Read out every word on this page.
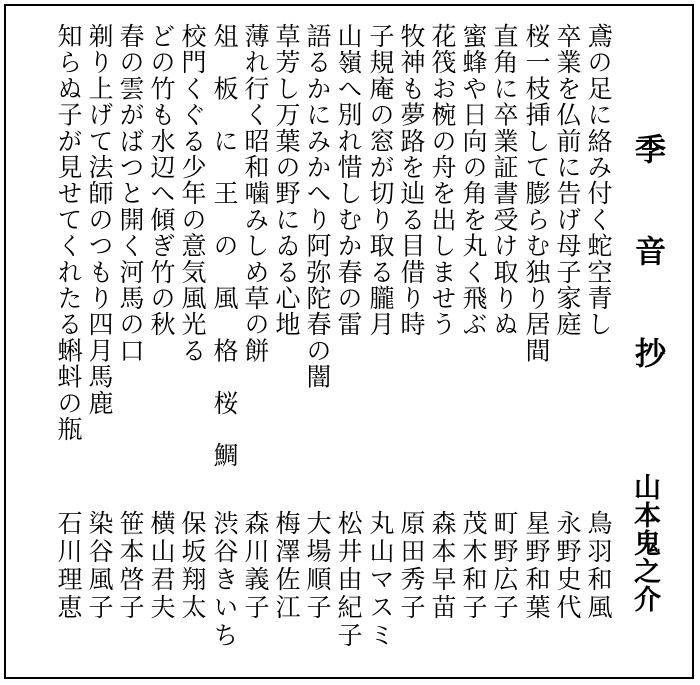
季　音　抄
山本鬼之介
鳶の足に絡み付く蛇空青し
鳥羽和風
卒業を仏前に告げ母子家庭
永野史代
桜一枝挿して膨らむ独り居間
星野和葉
直角に卒業証書受け取りぬ
町野広子
蜜蜂や日向の角を丸く飛ぶ
茂木和子
花筏お椀の舟を出しませう
森本早苗
牧神も夢路を辿る目借り時
原田秀子
子規庵の窓が切り取る朧月
丸山マスミ
山嶺へ別れ惜しむか春の雷
松井由紀子
語るかにみかへり阿弥陀春の闇
大場順子
草芳し万葉の野にゐる心地
梅澤佐江
薄れ行く昭和噛みしめ草の餅
森川義子
俎　板　に　王　の　風　格　桜　鯛
渋谷きいち
校門くぐる少年の意気風光る
保坂翔太
どの竹も水辺へ傾ぎ竹の秋
横山君夫
春の雲がばつと開く河馬の口
笹本啓子
剃り上げて法師のつもり四月馬鹿
染谷風子
知らぬ子が見せてくれたる蝌蚪の瓶
石川理恵
